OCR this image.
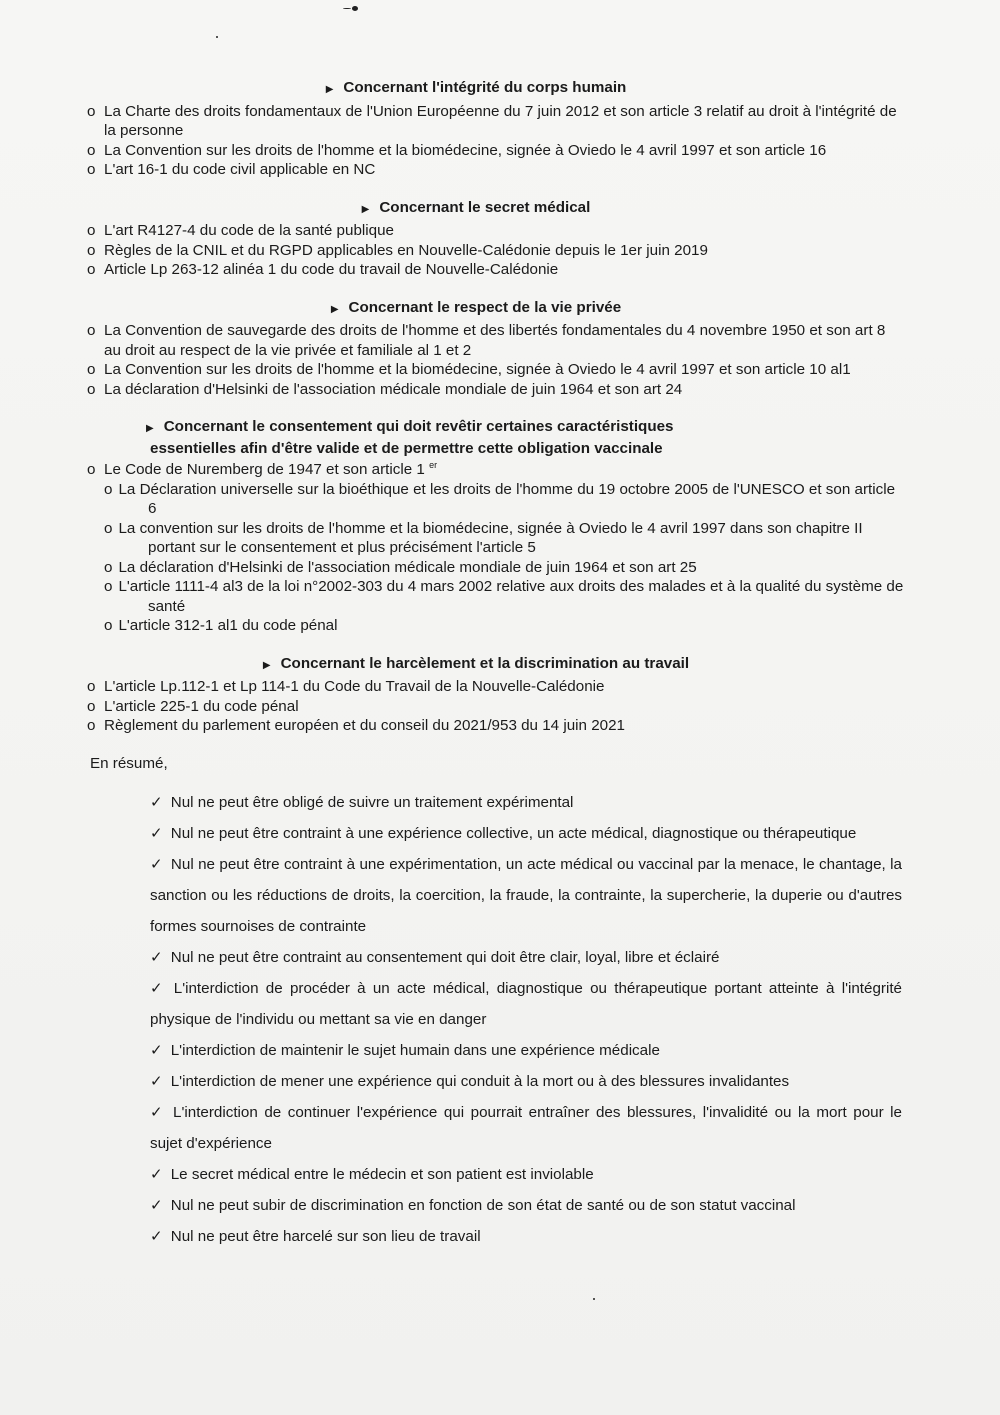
▶ Concernant l'intégrité du corps humain
o La Charte des droits fondamentaux de l'Union Européenne du 7 juin 2012 et son article 3 relatif au droit à l'intégrité de la personne
o La Convention sur les droits de l'homme et la biomédecine, signée à Oviedo le 4 avril 1997 et son article 16
o L'art 16-1 du code civil applicable en NC
▶ Concernant le secret médical
o L'art R4127-4 du code de la santé publique
o Règles de la CNIL et du RGPD applicables en Nouvelle-Calédonie depuis le 1er juin 2019
o Article Lp 263-12 alinéa 1 du code du travail de Nouvelle-Calédonie
▶ Concernant le respect de la vie privée
o La Convention de sauvegarde des droits de l'homme et des libertés fondamentales du 4 novembre 1950 et son art 8 au droit au respect de la vie privée et familiale al 1 et 2
o La Convention sur les droits de l'homme et la biomédecine, signée à Oviedo le 4 avril 1997 et son article 10 al1
o La déclaration d'Helsinki de l'association médicale mondiale de juin 1964 et son art 24
▶ Concernant le consentement qui doit revêtir certaines caractéristiques
essentielles afin d'être valide et de permettre cette obligation vaccinale
o Le Code de Nuremberg de 1947 et son article 1 $^{er}$
o La Déclaration universelle sur la bioéthique et les droits de l'homme du 19 octobre 2005 de l'UNESCO et son article 6
o La convention sur les droits de l'homme et la biomédecine, signée à Oviedo le 4 avril 1997 dans son chapitre II portant sur le consentement et plus précisément l'article 5
o La déclaration d'Helsinki de l'association médicale mondiale de juin 1964 et son art 25
o L'article 1111-4 al3 de la loi n°2002-303 du 4 mars 2002 relative aux droits des malades et à la qualité du système de santé
o L'article 312-1 al1 du code pénal
▶ Concernant le harcèlement et la discrimination au travail
o L'article Lp.112-1 et Lp 114-1 du Code du Travail de la Nouvelle-Calédonie
o L'article 225-1 du code pénal
o Règlement du parlement européen et du conseil du 2021/953 du 14 juin 2021
En résumé,
✓ Nul ne peut être obligé de suivre un traitement expérimental
✓ Nul ne peut être contraint à une expérience collective, un acte médical, diagnostique ou thérapeutique
✓ Nul ne peut être contraint à une expérimentation, un acte médical ou vaccinal par la menace, le chantage, la sanction ou les réductions de droits, la coercition, la fraude, la contrainte, la supercherie, la duperie ou d'autres formes sournoises de contrainte
✓ Nul ne peut être contraint au consentement qui doit être clair, loyal, libre et éclairé
✓ L'interdiction de procéder à un acte médical, diagnostique ou thérapeutique portant atteinte à l'intégrité physique de l'individu ou mettant sa vie en danger
✓ L'interdiction de maintenir le sujet humain dans une expérience médicale
✓ L'interdiction de mener une expérience qui conduit à la mort ou à des blessures invalidantes
✓ L'interdiction de continuer l'expérience qui pourrait entraîner des blessures, l'invalidité ou la mort pour le sujet d'expérience
✓ Le secret médical entre le médecin et son patient est inviolable
✓ Nul ne peut subir de discrimination en fonction de son état de santé ou de son statut vaccinal
✓ Nul ne peut être harcelé sur son lieu de travail
